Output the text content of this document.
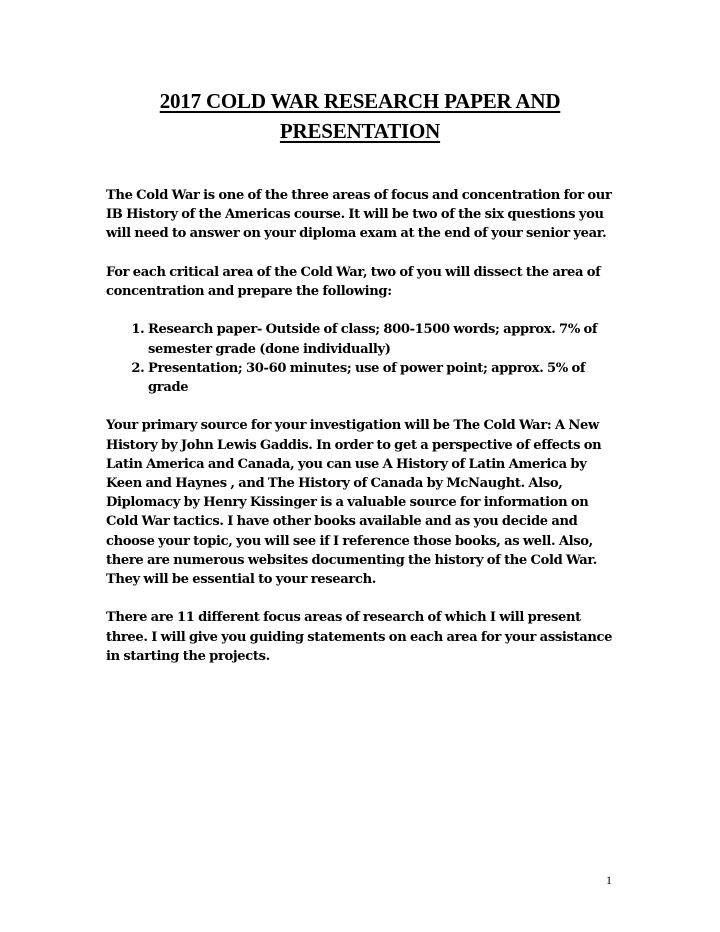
2017 COLD WAR RESEARCH PAPER AND
PRESENTATION

The Cold War is one of the three areas of focus and concentration for our IB History of the Americas course. It will be two of the six questions you will need to answer on your diploma exam at the end of your senior year.

For each critical area of the Cold War, two of you will dissect the area of concentration and prepare the following:

1. Research paper- Outside of class; 800-1500 words; approx. 7% of semester grade (done individually)
2. Presentation; 30-60 minutes; use of power point; approx. 5% of grade

Your primary source for your investigation will be The Cold War: A New History by John Lewis Gaddis. In order to get a perspective of effects on Latin America and Canada, you can use A History of Latin America by Keen and Haynes , and The History of Canada by McNaught. Also, Diplomacy by Henry Kissinger is a valuable source for information on Cold War tactics. I have other books available and as you decide and choose your topic, you will see if I reference those books, as well. Also, there are numerous websites documenting the history of the Cold War. They will be essential to your research.

There are 11 different focus areas of research of which I will present three. I will give you guiding statements on each area for your assistance in starting the projects.

1
